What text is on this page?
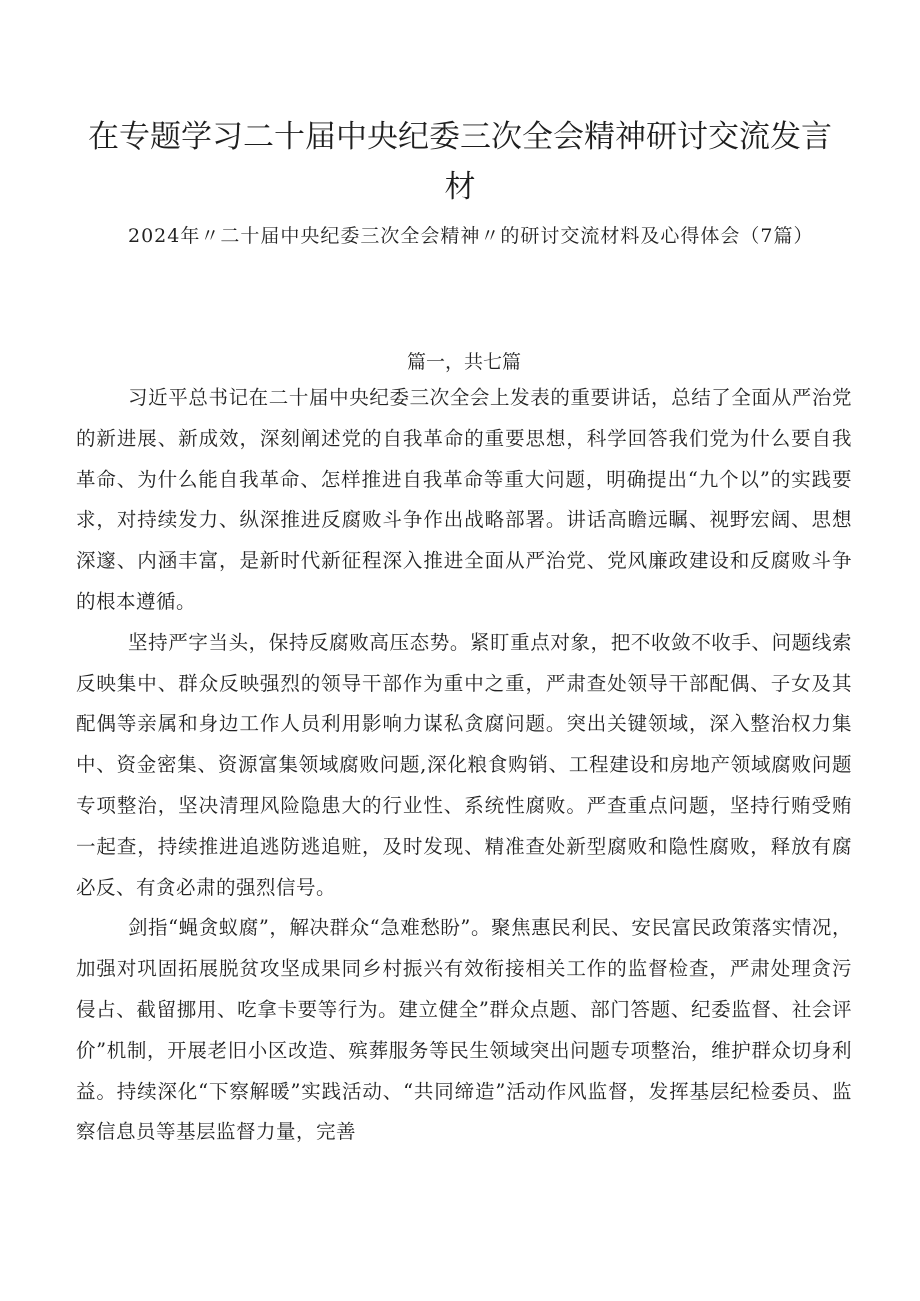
在专题学习二十届中央纪委三次全会精神研讨交流发言材

2024年〃二十届中央纪委三次全会精神〃的研讨交流材料及心得体会（7篇）

篇一，共七篇

习近平总书记在二十届中央纪委三次全会上发表的重要讲话，总结了全面从严治党的新进展、新成效，深刻阐述党的自我革命的重要思想，科学回答我们党为什么要自我革命、为什么能自我革命、怎样推进自我革命等重大问题，明确提出“九个以”的实践要求，对持续发力、纵深推进反腐败斗争作出战略部署。讲话高瞻远瞩、视野宏阔、思想深邃、内涵丰富，是新时代新征程深入推进全面从严治党、党风廉政建设和反腐败斗争的根本遵循。

坚持严字当头，保持反腐败高压态势。紧盯重点对象，把不收敛不收手、问题线索反映集中、群众反映强烈的领导干部作为重中之重，严肃查处领导干部配偶、子女及其配偶等亲属和身边工作人员利用影响力谋私贪腐问题。突出关键领域，深入整治权力集中、资金密集、资源富集领域腐败问题,深化粮食购销、工程建设和房地产领域腐败问题专项整治，坚决清理风险隐患大的行业性、系统性腐败。严查重点问题，坚持行贿受贿一起查，持续推进追逃防逃追赃，及时发现、精准查处新型腐败和隐性腐败，释放有腐必反、有贪必肃的强烈信号。

剑指“蝇贪蚁腐”，解决群众“急难愁盼”。聚焦惠民利民、安民富民政策落实情况，加强对巩固拓展脱贫攻坚成果同乡村振兴有效衔接相关工作的监督检查，严肃处理贪污侵占、截留挪用、吃拿卡要等行为。建立健全”群众点题、部门答题、纪委监督、社会评价”机制，开展老旧小区改造、殡葬服务等民生领域突出问题专项整治，维护群众切身利益。持续深化“下察解暖”实践活动、“共同缔造”活动作风监督，发挥基层纪检委员、监察信息员等基层监督力量，完善
